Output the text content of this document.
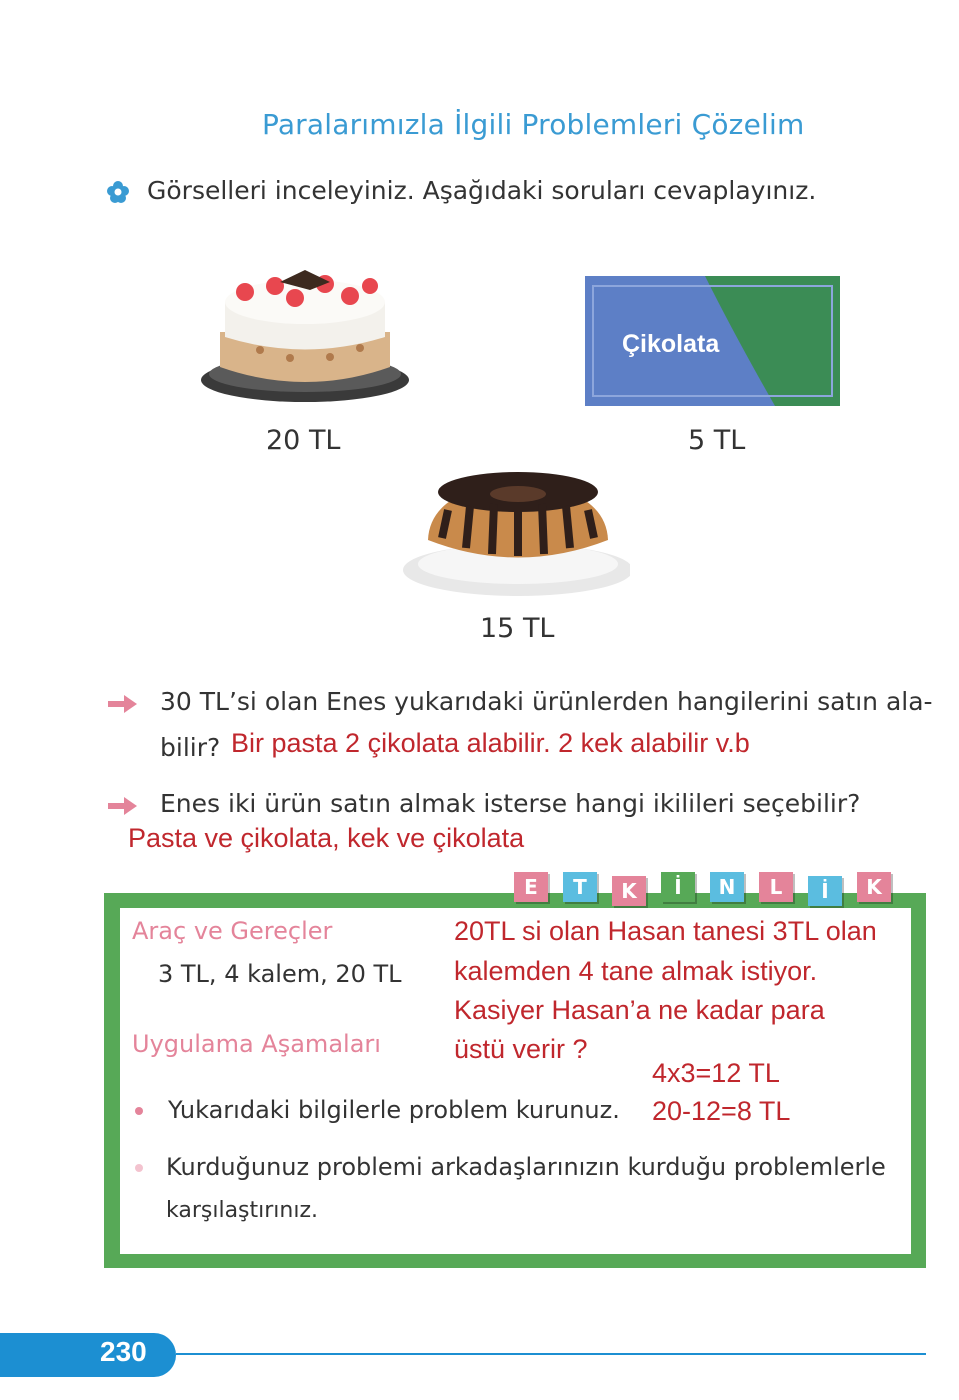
Paralarımızla İlgili Problemleri Çözelim
Görselleri inceleyiniz. Aşağıdaki soruları cevaplayınız.
20 TL
Çikolata
5 TL
15 TL
30 TL’si olan Enes yukarıdaki ürünlerden hangilerini satın ala-
bilir? Bir pasta 2 çikolata alabilir. 2 kek alabilir v.b
Enes iki ürün satın almak isterse hangi ikilileri seçebilir?
Pasta ve çikolata, kek ve çikolata
E	T	K	İ	N	L	İ	K
Araç ve Gereçler
3 TL, 4 kalem, 20 TL
Uygulama Aşamaları
Yukarıdaki bilgilerle problem kurunuz.
Kurduğunuz problemi arkadaşlarınızın kurduğu problemlerle
karşılaştırınız.
20TL si olan Hasan tanesi 3TL olan
kalemden 4 tane almak istiyor.
Kasiyer Hasan’a ne kadar para
üstü verir ?
4x3=12 TL
20-12=8 TL
230
